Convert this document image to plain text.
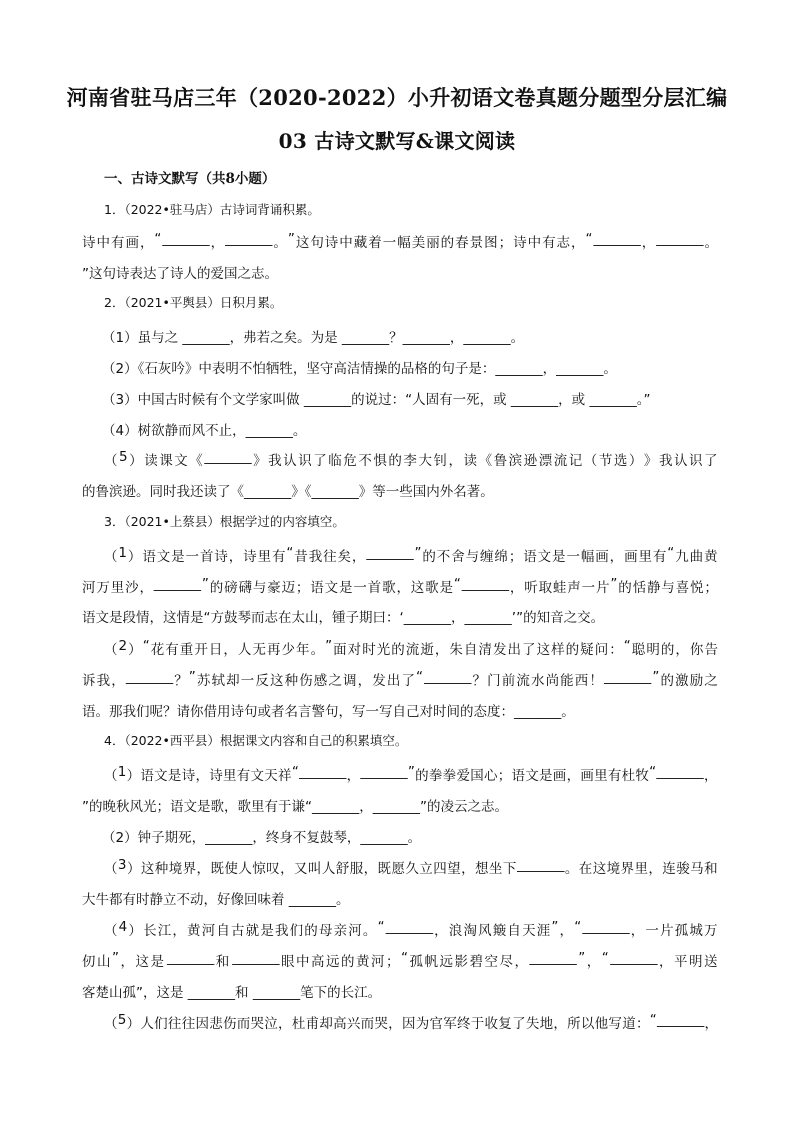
河南省驻马店三年（2020-2022）小升初语文卷真题分题型分层汇编
03 古诗文默写&课文阅读
一、古诗文默写（共8小题）
1．（2022•驻马店）古诗词背诵积累。
诗 中 有 画 ， “ _______ ， _______ 。 ” 这 句 诗 中 藏 着 一 幅 美 丽 的 春 景 图 ； 诗 中 有 志 ， “ _______ ， _______ 。
”这句诗表达了诗人的爱国之志。
2．（2021•平舆县）日积月累。
（1）虽与之 _______，弗若之矣。为是 _______？_______，_______。
（2）《石灰吟》中表明不怕牺牲，坚守高洁情操的品格的句子是：_______，_______。
（3）中国古时候有个文学家叫做 _______的说过：“人固有一死，或 _______，或 _______。”
（4）树欲静而风不止，_______。
（ 5 ） 读 课 文 《 _______ 》 我 认 识 了 临 危 不 惧 的 李 大 钊 ， 读 《 鲁 滨 逊 漂 流 记 （ 节 选 ） 》 我 认 识 了
的鲁滨逊。同时我还读了《_______》《_______》等一些国内外名著。
3．（2021•上蔡县）根据学过的内容填空。
（ 1 ） 语 文 是 一 首 诗 ， 诗 里 有 “ 昔 我 往 矣 ， _______ ” 的 不 舍 与 缠 绵 ； 语 文 是 一 幅 画 ， 画 里 有 “ 九 曲 黄
河 万 里 沙 ， _______ ” 的 磅 礴 与 豪 迈 ； 语 文 是 一 首 歌 ， 这 歌 是 “ _______ ， 听 取 蛙 声 一 片 ” 的 恬 静 与 喜 悦 ；
语文是段情，这情是“方鼓琴而志在太山，锺子期曰：‘_______，_______’”的知音之交。
（ 2 ） “ 花 有 重 开 日 ， 人 无 再 少 年 。 ” 面 对 时 光 的 流 逝 ， 朱 自 清 发 出 了 这 样 的 疑 问 ： “ 聪 明 的 ， 你 告
诉 我 ， _______ ？ ” 苏 轼 却 一 反 这 种 伤 感 之 调 ， 发 出 了 “ _______ ？ 门 前 流 水 尚 能 西 ！ _______ ” 的 激 励 之
语。那我们呢？请你借用诗句或者名言警句，写一写自己对时间的态度：_______。
4．（2022•西平县）根据课文内容和自己的积累填空。
（ 1 ） 语 文 是 诗 ， 诗 里 有 文 天 祥 “ _______ ， _______ ” 的 拳 拳 爱 国 心 ； 语 文 是 画 ， 画 里 有 杜 牧 “ _______ ，
”的晚秋风光；语文是歌，歌里有于谦“_______，_______”的凌云之志。
（2）钟子期死，_______，终身不复鼓琴，_______。
（ 3 ） 这 种 境 界 ， 既 使 人 惊 叹 ， 又 叫 人 舒 服 ， 既 愿 久 立 四 望 ， 想 坐 下 _______ 。 在 这 境 界 里 ， 连 骏 马 和
大牛都有时静立不动，好像回味着 _______。
（ 4 ） 长 江 ， 黄 河 自 古 就 是 我 们 的 母 亲 河 。 “ _______ ， 浪 淘 风 簸 自 天 涯 ” ， “ _______ ， 一 片 孤 城 万
仞 山 ” ， 这 是 _______ 和 _______ 眼 中 高 远 的 黄 河 ； “ 孤 帆 远 影 碧 空 尽 ， _______ ” ， “ _______ ， 平 明 送
客楚山孤”，这是 _______和 _______笔下的长江。
（ 5 ） 人 们 往 往 因 悲 伤 而 哭 泣 ， 杜 甫 却 高 兴 而 哭 ， 因 为 官 军 终 于 收 复 了 失 地 ， 所 以 他 写 道 ： “ _______ ，
